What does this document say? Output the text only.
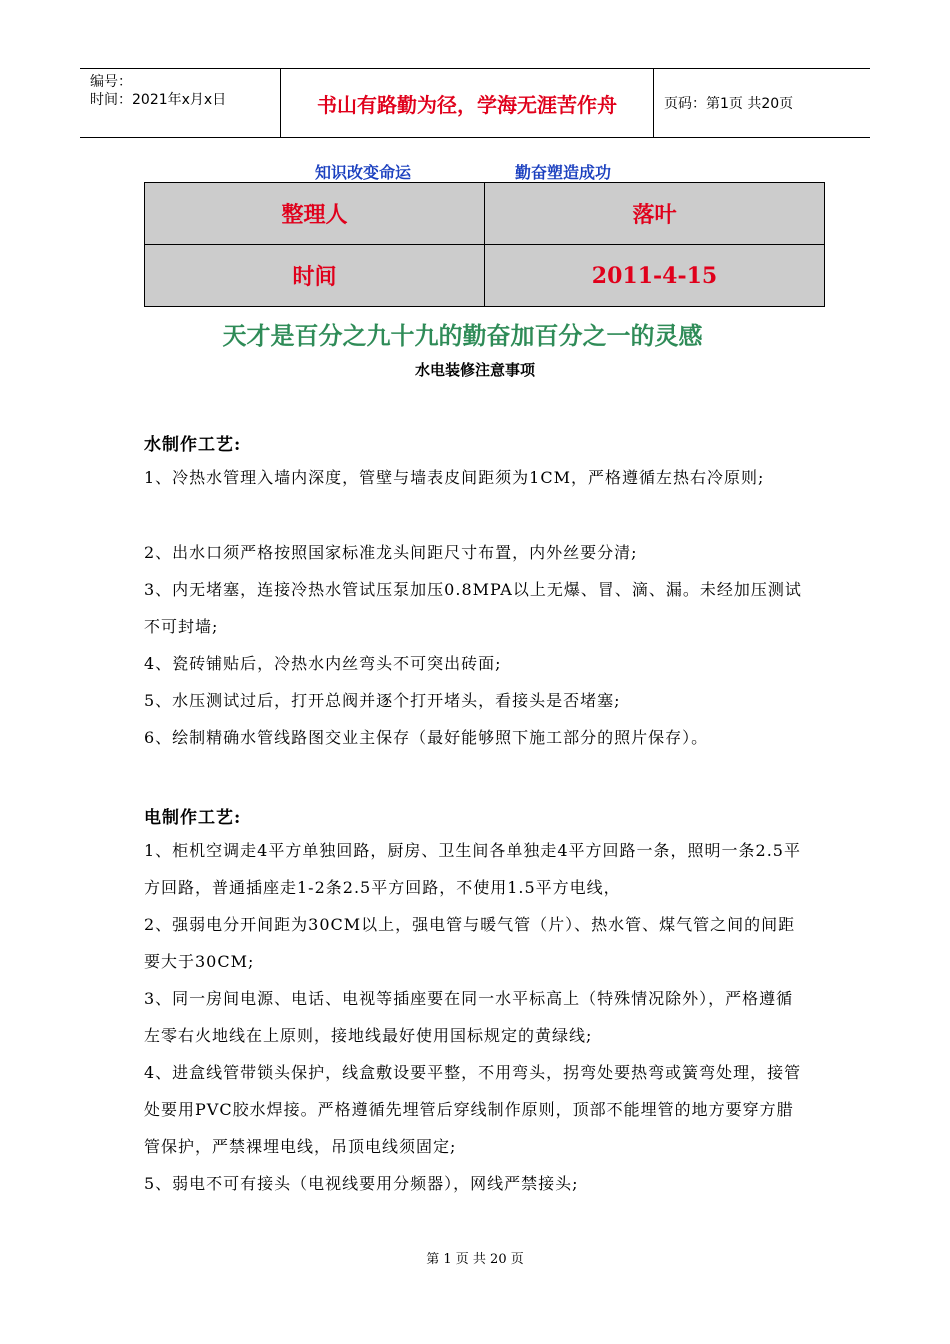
编号：
时间：2021年x月x日	书山有路勤为径，学海无涯苦作舟	页码：第1页 共20页
知识改变命运	勤奋塑造成功
整理人	落叶
时间	2011-4-15
天才是百分之九十九的勤奋加百分之一的灵感
水电装修注意事项
水制作工艺:

1、冷热水管理入墙内深度，管壁与墙表皮间距须为1CM，严格遵循左热右冷原则;

2、出水口须严格按照国家标准龙头间距尺寸布置，内外丝要分清;

3、内无堵塞，连接冷热水管试压泵加压0.8MPA以上无爆、冒、滴、漏。未经加压测试不可封墙;

4、瓷砖铺贴后，冷热水内丝弯头不可突出砖面;

5、水压测试过后，打开总阀并逐个打开堵头，看接头是否堵塞;

6、绘制精确水管线路图交业主保存（最好能够照下施工部分的照片保存）。

电制作工艺:

1、柜机空调走4平方单独回路，厨房、卫生间各单独走4平方回路一条，照明一条2.5平方回路，普通插座走1-2条2.5平方回路，不使用1.5平方电线，

2、强弱电分开间距为30CM以上，强电管与暖气管（片）、热水管、煤气管之间的间距要大于30CM;

3、同一房间电源、电话、电视等插座要在同一水平标高上（特殊情况除外），严格遵循左零右火地线在上原则，接地线最好使用国标规定的黄绿线;

4、进盒线管带锁头保护，线盒敷设要平整，不用弯头，拐弯处要热弯或簧弯处理，接管处要用PVC胶水焊接。严格遵循先埋管后穿线制作原则，顶部不能埋管的地方要穿方腊管保护，严禁裸埋电线，吊顶电线须固定;

5、弱电不可有接头（电视线要用分频器），网线严禁接头;

第 1 页 共 20 页
